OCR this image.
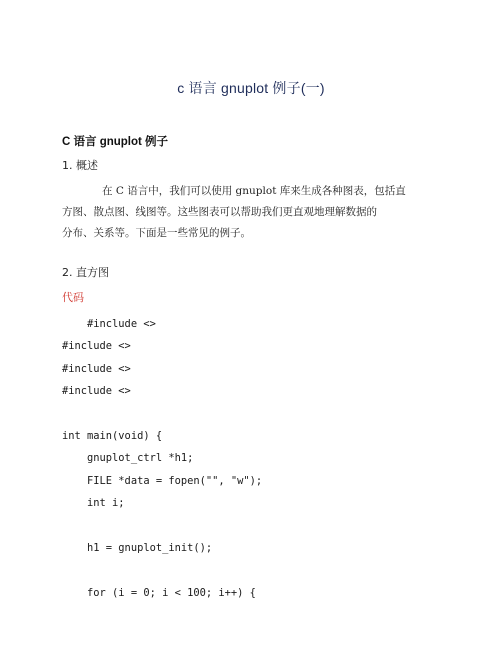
c 语言 gnuplot 例子(一)
C 语言 gnuplot 例子
1. 概述
在 C 语言中，我们可以使用 gnuplot 库来生成各种图表，包括直
方图、散点图、线图等。这些图表可以帮助我们更直观地理解数据的
分布、关系等。下面是一些常见的例子。
2. 直方图
代码
#include <>
#include <>
#include <>
#include <>
int main(void) {
gnuplot_ctrl *h1;
FILE *data = fopen("", "w");
int i;
h1 = gnuplot_init();
for (i = 0; i < 100; i++) {
